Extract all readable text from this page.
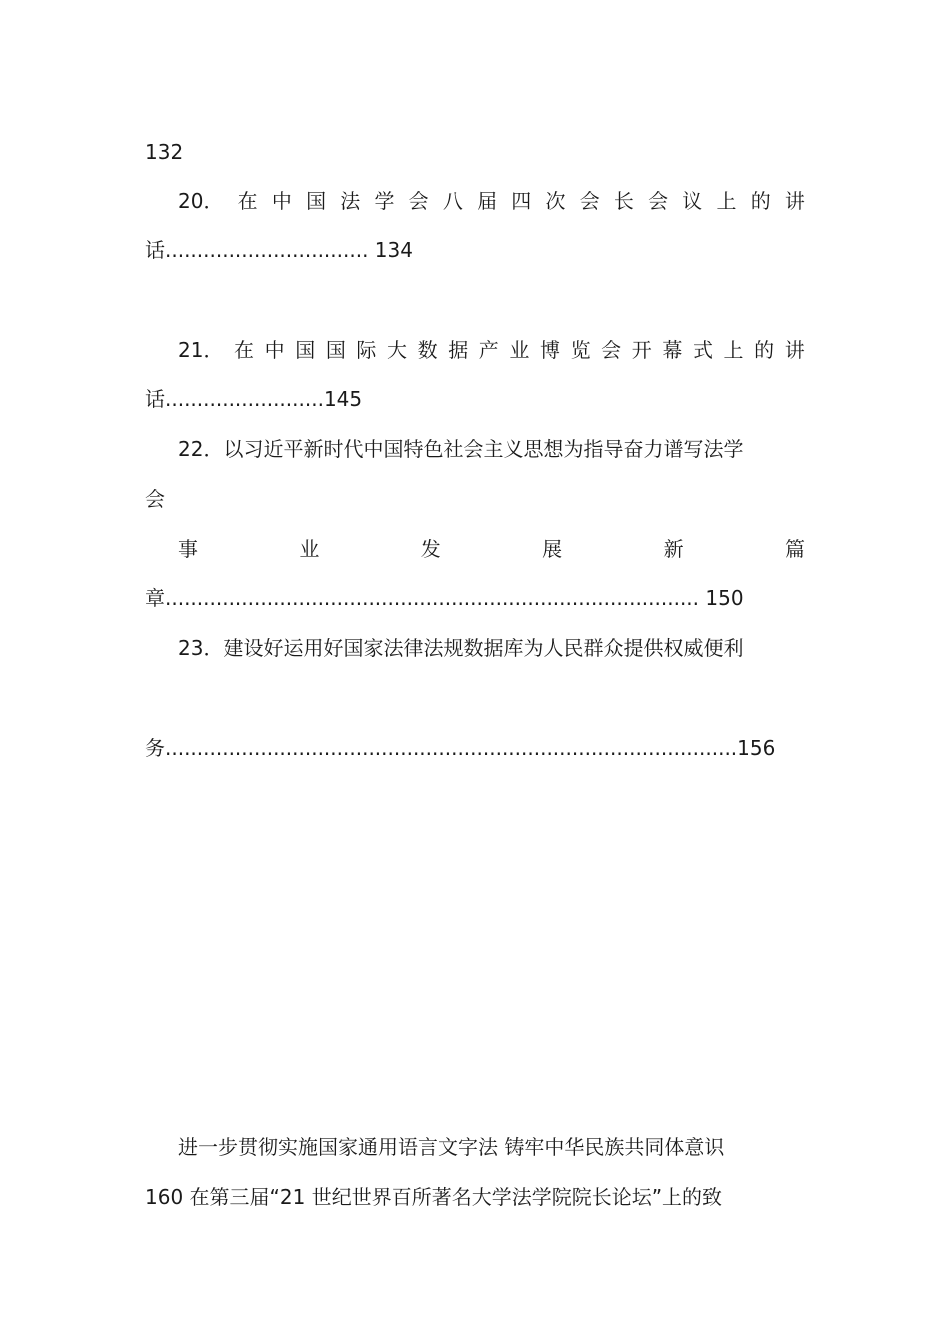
132
20． 在 中 国 法 学 会 八 届 四 次 会 长 会 议 上 的 讲
话................................ 134
21． 在 中 国 国 际 大 数 据 产 业 博 览 会 开 幕 式 上 的 讲
话.........................145
22．以习近平新时代中国特色社会主义思想为指导奋力谱写法学
会
事	业	发	展	新	篇
章.................................................................................... 150
23．建设好运用好国家法律法规数据库为人民群众提供权威便利
务..........................................................................................156
进一步贯彻实施国家通用语言文字法 铸牢中华民族共同体意识
160 在第三届“21 世纪世界百所著名大学法学院院长论坛”上的致
